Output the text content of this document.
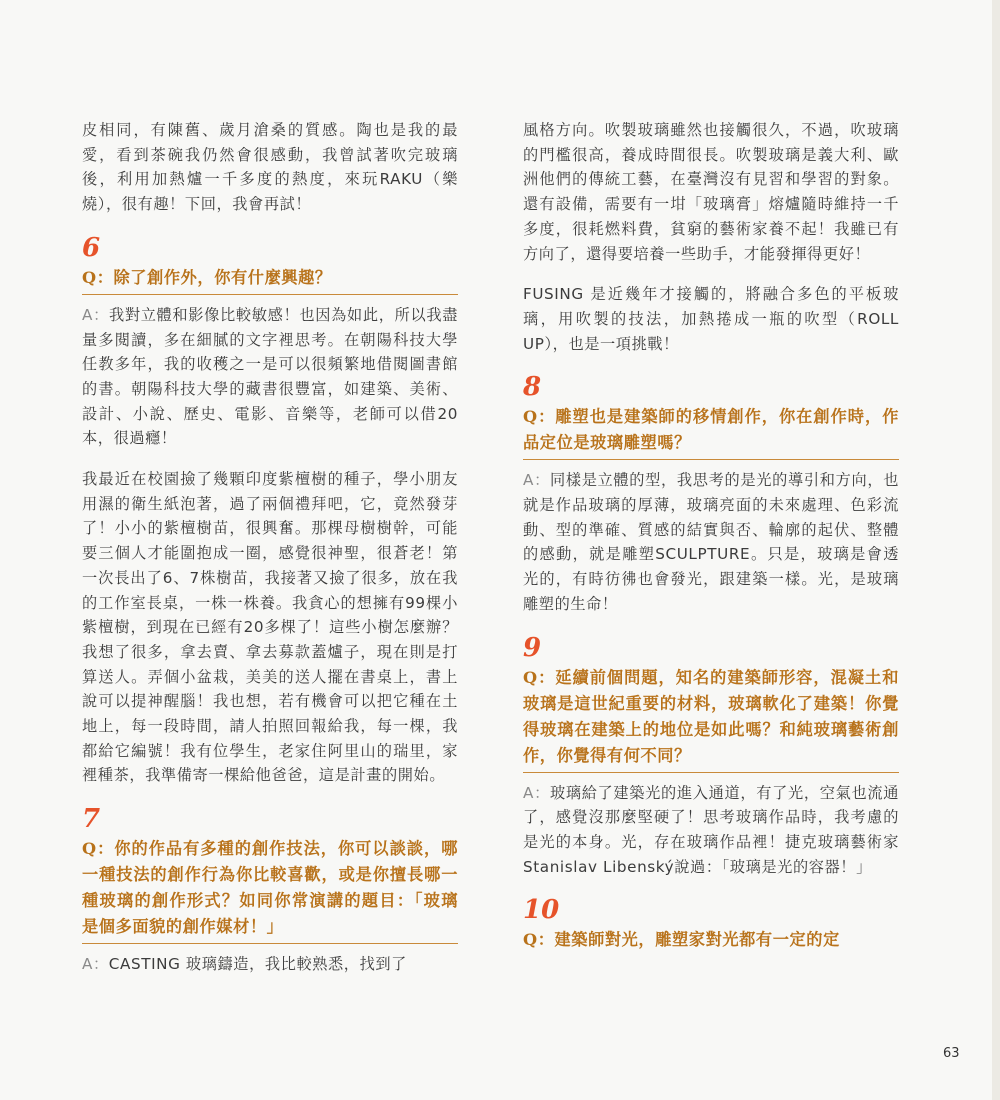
皮相同，有陳舊、歲月滄桑的質感。陶也是我的最愛，看到茶碗我仍然會很感動，我曾試著吹完玻璃後，利用加熱爐一千多度的熱度，來玩RAKU（樂燒），很有趣！下回，我會再試！

6

Q：除了創作外，你有什麼興趣？

A：我對立體和影像比較敏感！也因為如此，所以我盡量多閱讀，多在細膩的文字裡思考。在朝陽科技大學任教多年，我的收穫之一是可以很頻繁地借閱圖書館的書。朝陽科技大學的藏書很豐富，如建築、美術、設計、小說、歷史、電影、音樂等，老師可以借20本，很過癮！

我最近在校園撿了幾顆印度紫檀樹的種子，學小朋友用濕的衛生紙泡著，過了兩個禮拜吧，它，竟然發芽了！小小的紫檀樹苗，很興奮。那棵母樹樹幹，可能要三個人才能圍抱成一圈，感覺很神聖，很蒼老！第一次長出了6、7株樹苗，我接著又撿了很多，放在我的工作室長桌，一株一株養。我貪心的想擁有99棵小紫檀樹，到現在已經有20多棵了！這些小樹怎麼辦？我想了很多，拿去賣、拿去募款蓋爐子，現在則是打算送人。弄個小盆栽，美美的送人擺在書桌上，書上說可以提神醒腦！我也想，若有機會可以把它種在土地上，每一段時間，請人拍照回報給我，每一棵，我都給它編號！我有位學生，老家住阿里山的瑞里，家裡種茶，我準備寄一棵給他爸爸，這是計畫的開始。

7

Q：你的作品有多種的創作技法，你可以談談，哪一種技法的創作行為你比較喜歡，或是你擅長哪一種玻璃的創作形式？如同你常演講的題目：「玻璃是個多面貌的創作媒材！」

A：CASTING 玻璃鑄造，我比較熟悉，找到了

風格方向。吹製玻璃雖然也接觸很久，不過，吹玻璃的門檻很高，養成時間很長。吹製玻璃是義大利、歐洲他們的傳統工藝，在臺灣沒有見習和學習的對象。還有設備，需要有一坩「玻璃膏」熔爐隨時維持一千多度，很耗燃料費，貧窮的藝術家養不起！我雖已有方向了，還得要培養一些助手，才能發揮得更好！

FUSING 是近幾年才接觸的，將融合多色的平板玻璃，用吹製的技法，加熱捲成一瓶的吹型（ROLL UP），也是一項挑戰！

8

Q：雕塑也是建築師的移情創作，你在創作時，作品定位是玻璃雕塑嗎？

A：同樣是立體的型，我思考的是光的導引和方向，也就是作品玻璃的厚薄，玻璃亮面的未來處理、色彩流動、型的準確、質感的結實與否、輪廓的起伏、整體的感動，就是雕塑SCULPTURE。只是，玻璃是會透光的，有時彷彿也會發光，跟建築一樣。光，是玻璃雕塑的生命！

9

Q：延續前個問題，知名的建築師形容，混凝土和玻璃是這世紀重要的材料，玻璃軟化了建築！你覺得玻璃在建築上的地位是如此嗎？和純玻璃藝術創作，你覺得有何不同？

A：玻璃給了建築光的進入通道，有了光，空氣也流通了，感覺沒那麼堅硬了！思考玻璃作品時，我考慮的是光的本身。光，存在玻璃作品裡！捷克玻璃藝術家Stanislav Libenský說過：「玻璃是光的容器！」

10

Q：建築師對光，雕塑家對光都有一定的定

63
